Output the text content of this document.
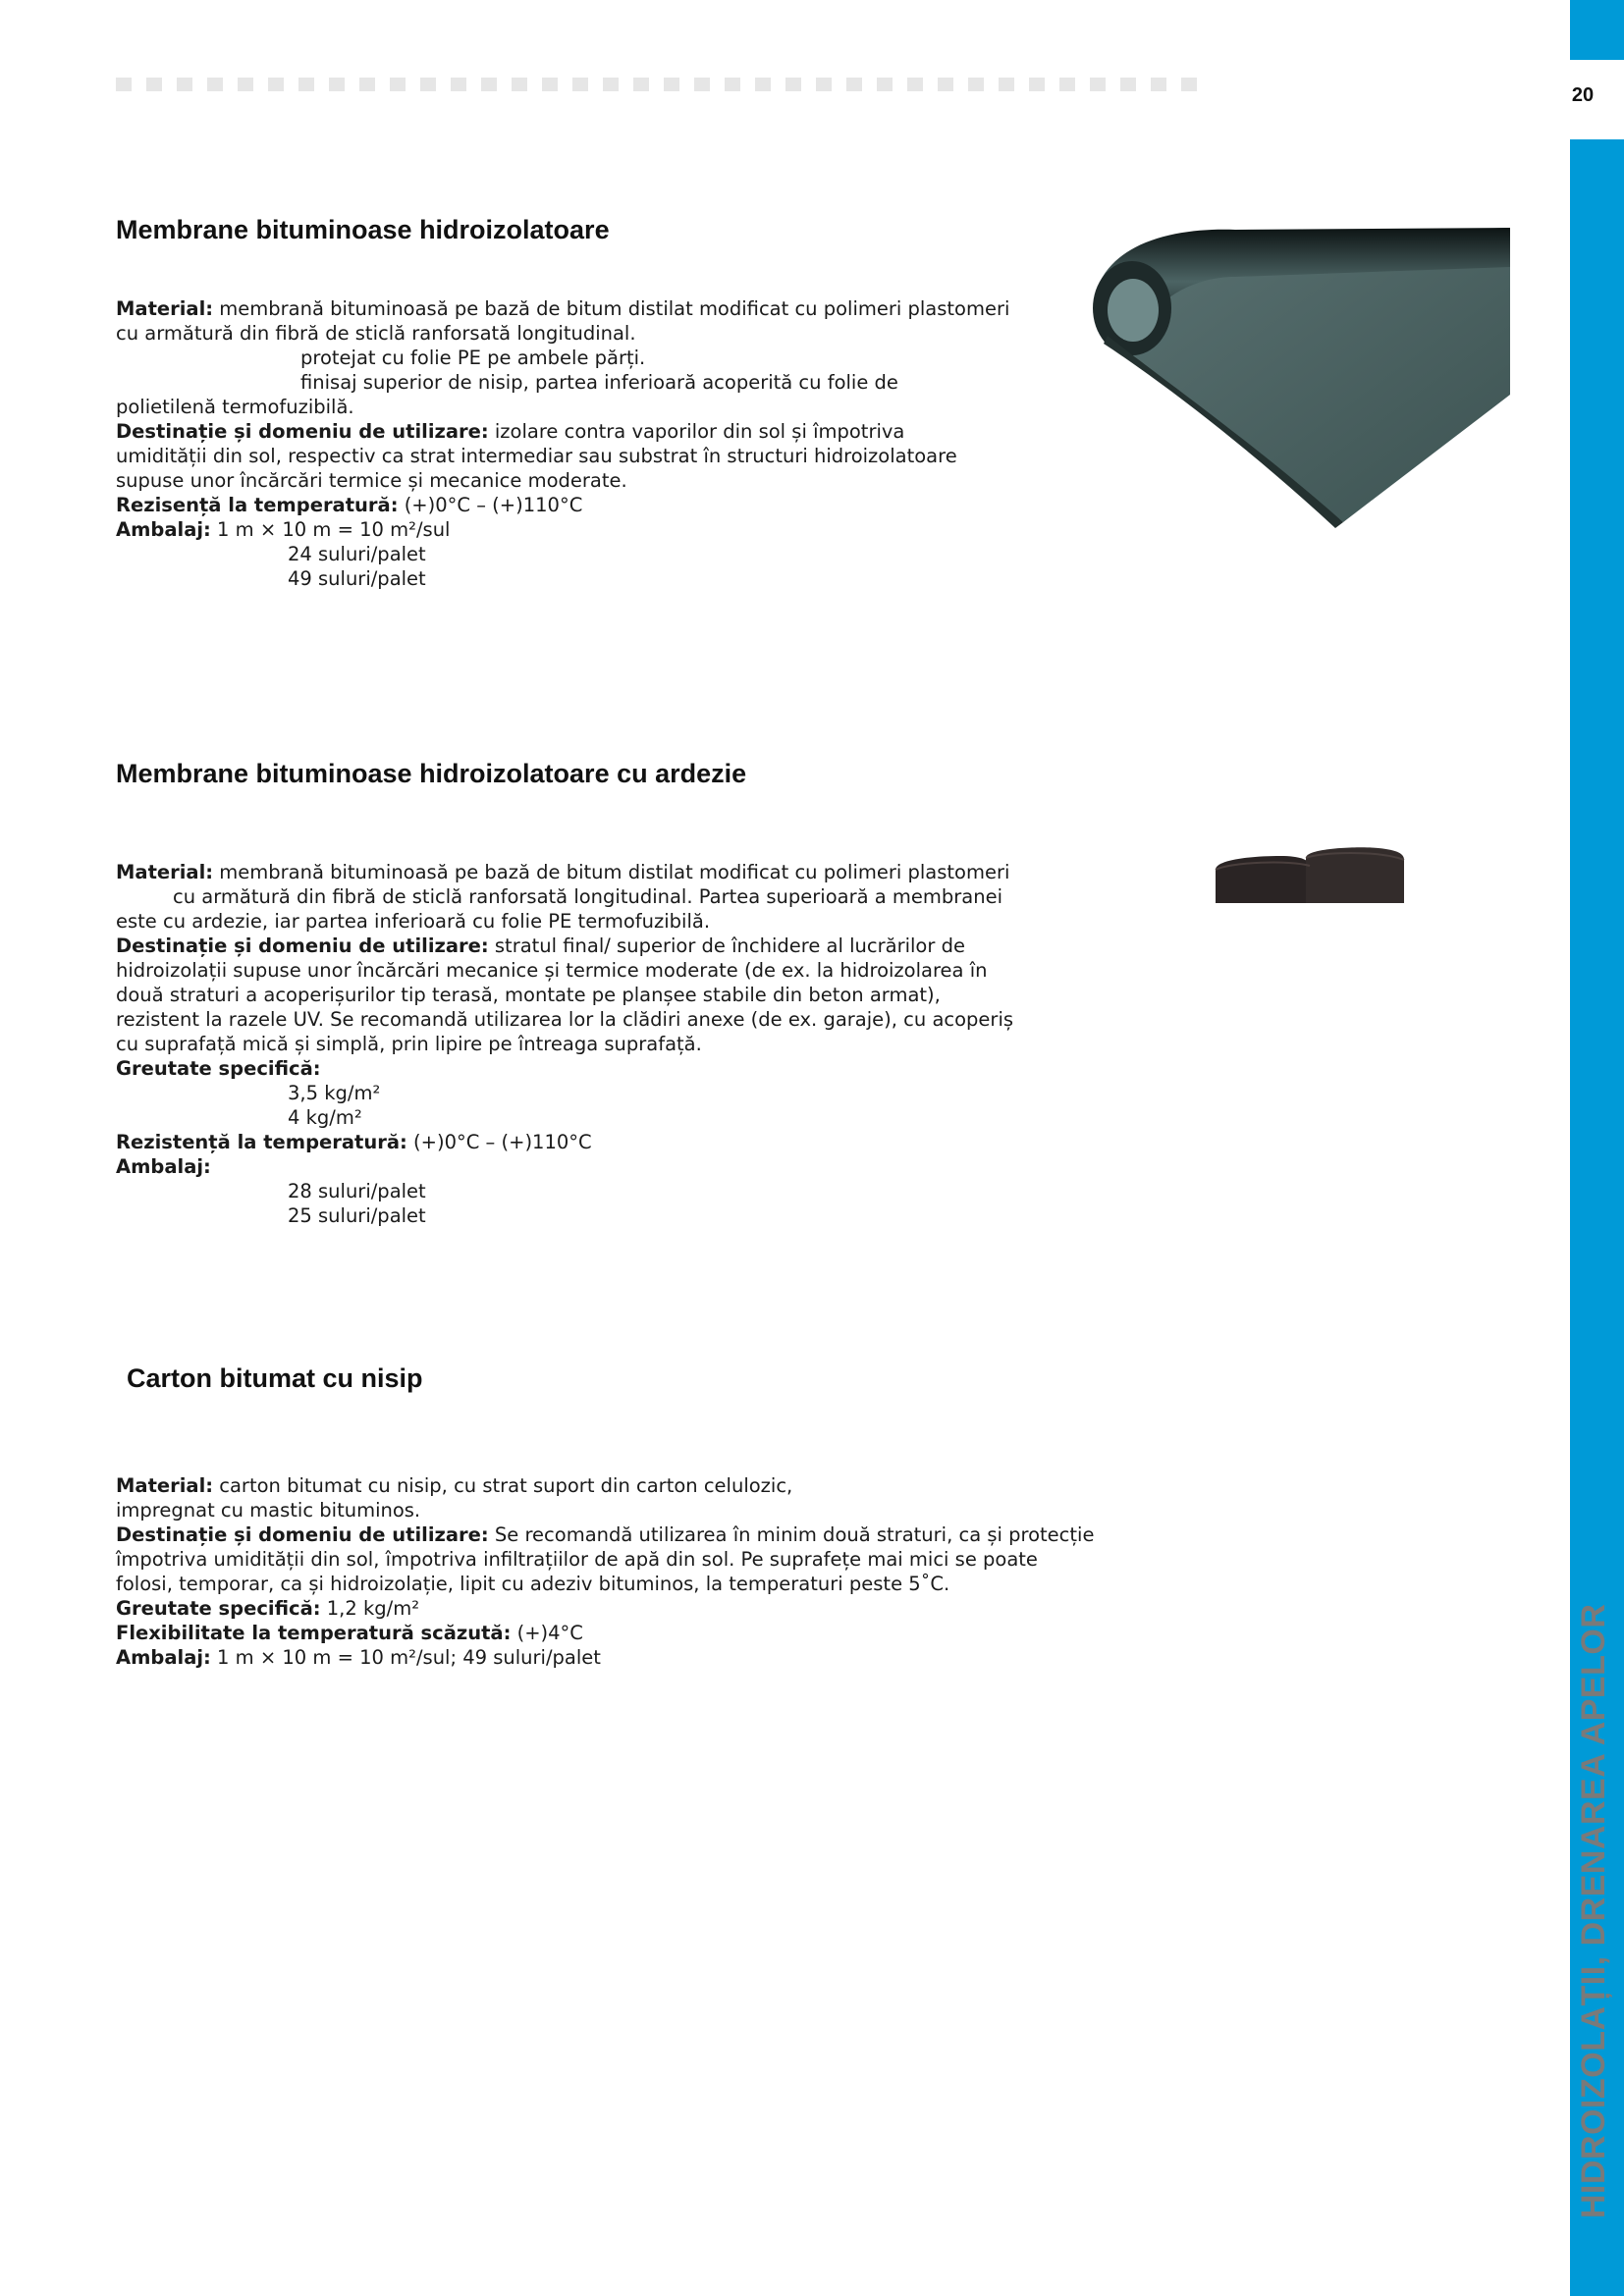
20
HIDROIZOLAȚII, DRENAREA APELOR
Membrane bituminoase hidroizolatoare
Material: membrană bituminoasă pe bază de bitum distilat modificat cu polimeri plastomeri
cu armătură din fibră de sticlă ranforsată longitudinal.
protejat cu folie PE pe ambele părți.
finisaj superior de nisip, partea inferioară acoperită cu folie de
polietilenă termofuzibilă.
Destinație și domeniu de utilizare: izolare contra vaporilor din sol și împotriva
umidității din sol, respectiv ca strat intermediar sau substrat în structuri hidroizolatoare
supuse unor încărcări termice și mecanice moderate.
Rezisență la temperatură: (+)0°C – (+)110°C
Ambalaj: 1 m × 10 m = 10 m²/sul
24 suluri/palet
49 suluri/palet
Membrane bituminoase hidroizolatoare cu ardezie
Material: membrană bituminoasă pe bază de bitum distilat modificat cu polimeri plastomeri
cu armătură din fibră de sticlă ranforsată longitudinal. Partea superioară a membranei
este cu ardezie, iar partea inferioară cu folie PE termofuzibilă.
Destinație și domeniu de utilizare: stratul final/ superior de închidere al lucrărilor de
hidroizolații supuse unor încărcări mecanice și termice moderate (de ex. la hidroizolarea în
două straturi a acoperișurilor tip terasă, montate pe planșee stabile din beton armat),
rezistent la razele UV. Se recomandă utilizarea lor la clădiri anexe (de ex. garaje), cu acoperiș
cu suprafață mică și simplă, prin lipire pe întreaga suprafață.
Greutate specifică:
3,5 kg/m²
4 kg/m²
Rezistență la temperatură: (+)0°C – (+)110°C
Ambalaj:
28 suluri/palet
25 suluri/palet
Carton bitumat cu nisip
Material: carton bitumat cu nisip, cu strat suport din carton celulozic,
impregnat cu mastic bituminos.
Destinație și domeniu de utilizare: Se recomandă utilizarea în minim două straturi, ca și protecție
împotriva umidității din sol, împotriva infiltrațiilor de apă din sol. Pe suprafețe mai mici se poate
folosi, temporar, ca și hidroizolație, lipit cu adeziv bituminos, la temperaturi peste 5˚C.
Greutate specifică: 1,2 kg/m²
Flexibilitate la temperatură scăzută: (+)4°C
Ambalaj: 1 m × 10 m = 10 m²/sul; 49 suluri/palet
